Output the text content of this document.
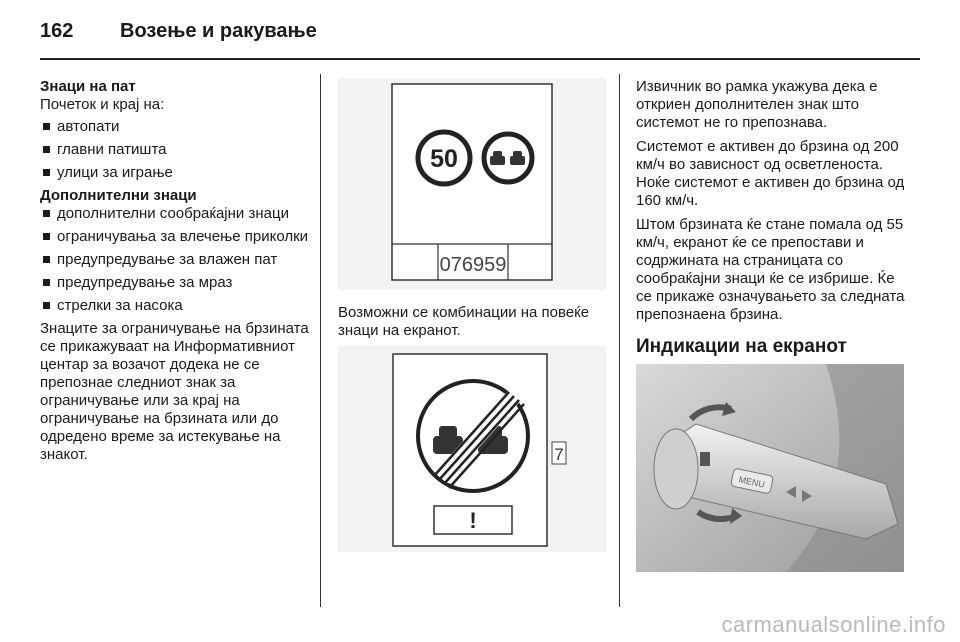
162 Возење и ракување
Знаци на пат

Почеток и крај на:

автопати
главни патишта
улици за играње
Дополнителни знаци
дополнителни сообраќајни знаци
ограничувања за влечење приколки
предупредување за влажен пат
предупредување за мраз
стрелки за насока

Знаците за ограничување на брзината се прикажуваат на Информативниот центар за возачот додека не се препознае следниот знак за ограничување или за крај на ограничување на брзината или до одредено време за истекување на знакот.

50
076959

Возможни се комбинации на повеќе знаци на екранот.

!
7

Извичник во рамка укажува дека е откриен дополнителен знак што системот не го препознава.

Системот е активен до брзина од 200 км/ч во зависност од осветленоста. Ноќе системот е активен до брзина од 160 км/ч.

Штом брзината ќе стане помала од 55 км/ч, екранот ќе се препостави и содржината на страницата со сообраќајни знаци ќе се избрише. Ќе се прикаже означувањето за следната препознаена брзина.

Индикации на екранот
MENU
carmanualsonline.info
